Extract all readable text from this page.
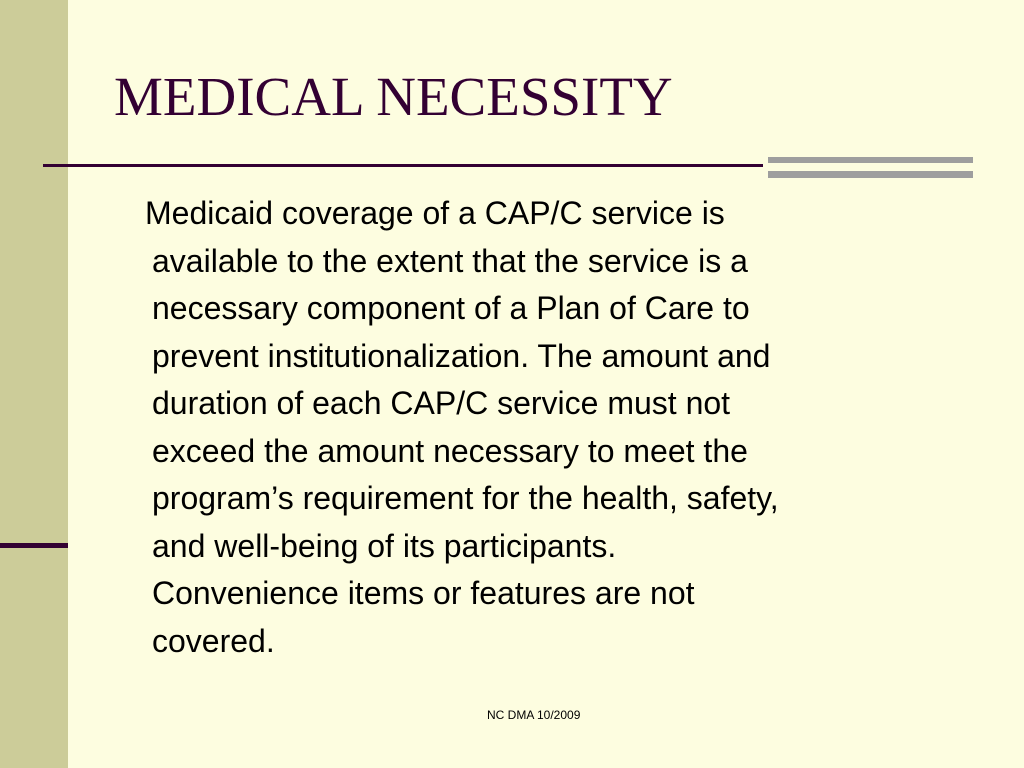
MEDICAL NECESSITY

Medicaid coverage of a CAP/C service is
available to the extent that the service is a
necessary component of a Plan of Care to
prevent institutionalization. The amount and
duration of each CAP/C service must not
exceed the amount necessary to meet the
program’s requirement for the health, safety,
and well-being of its participants.
Convenience items or features are not
covered.

NC DMA 10/2009
